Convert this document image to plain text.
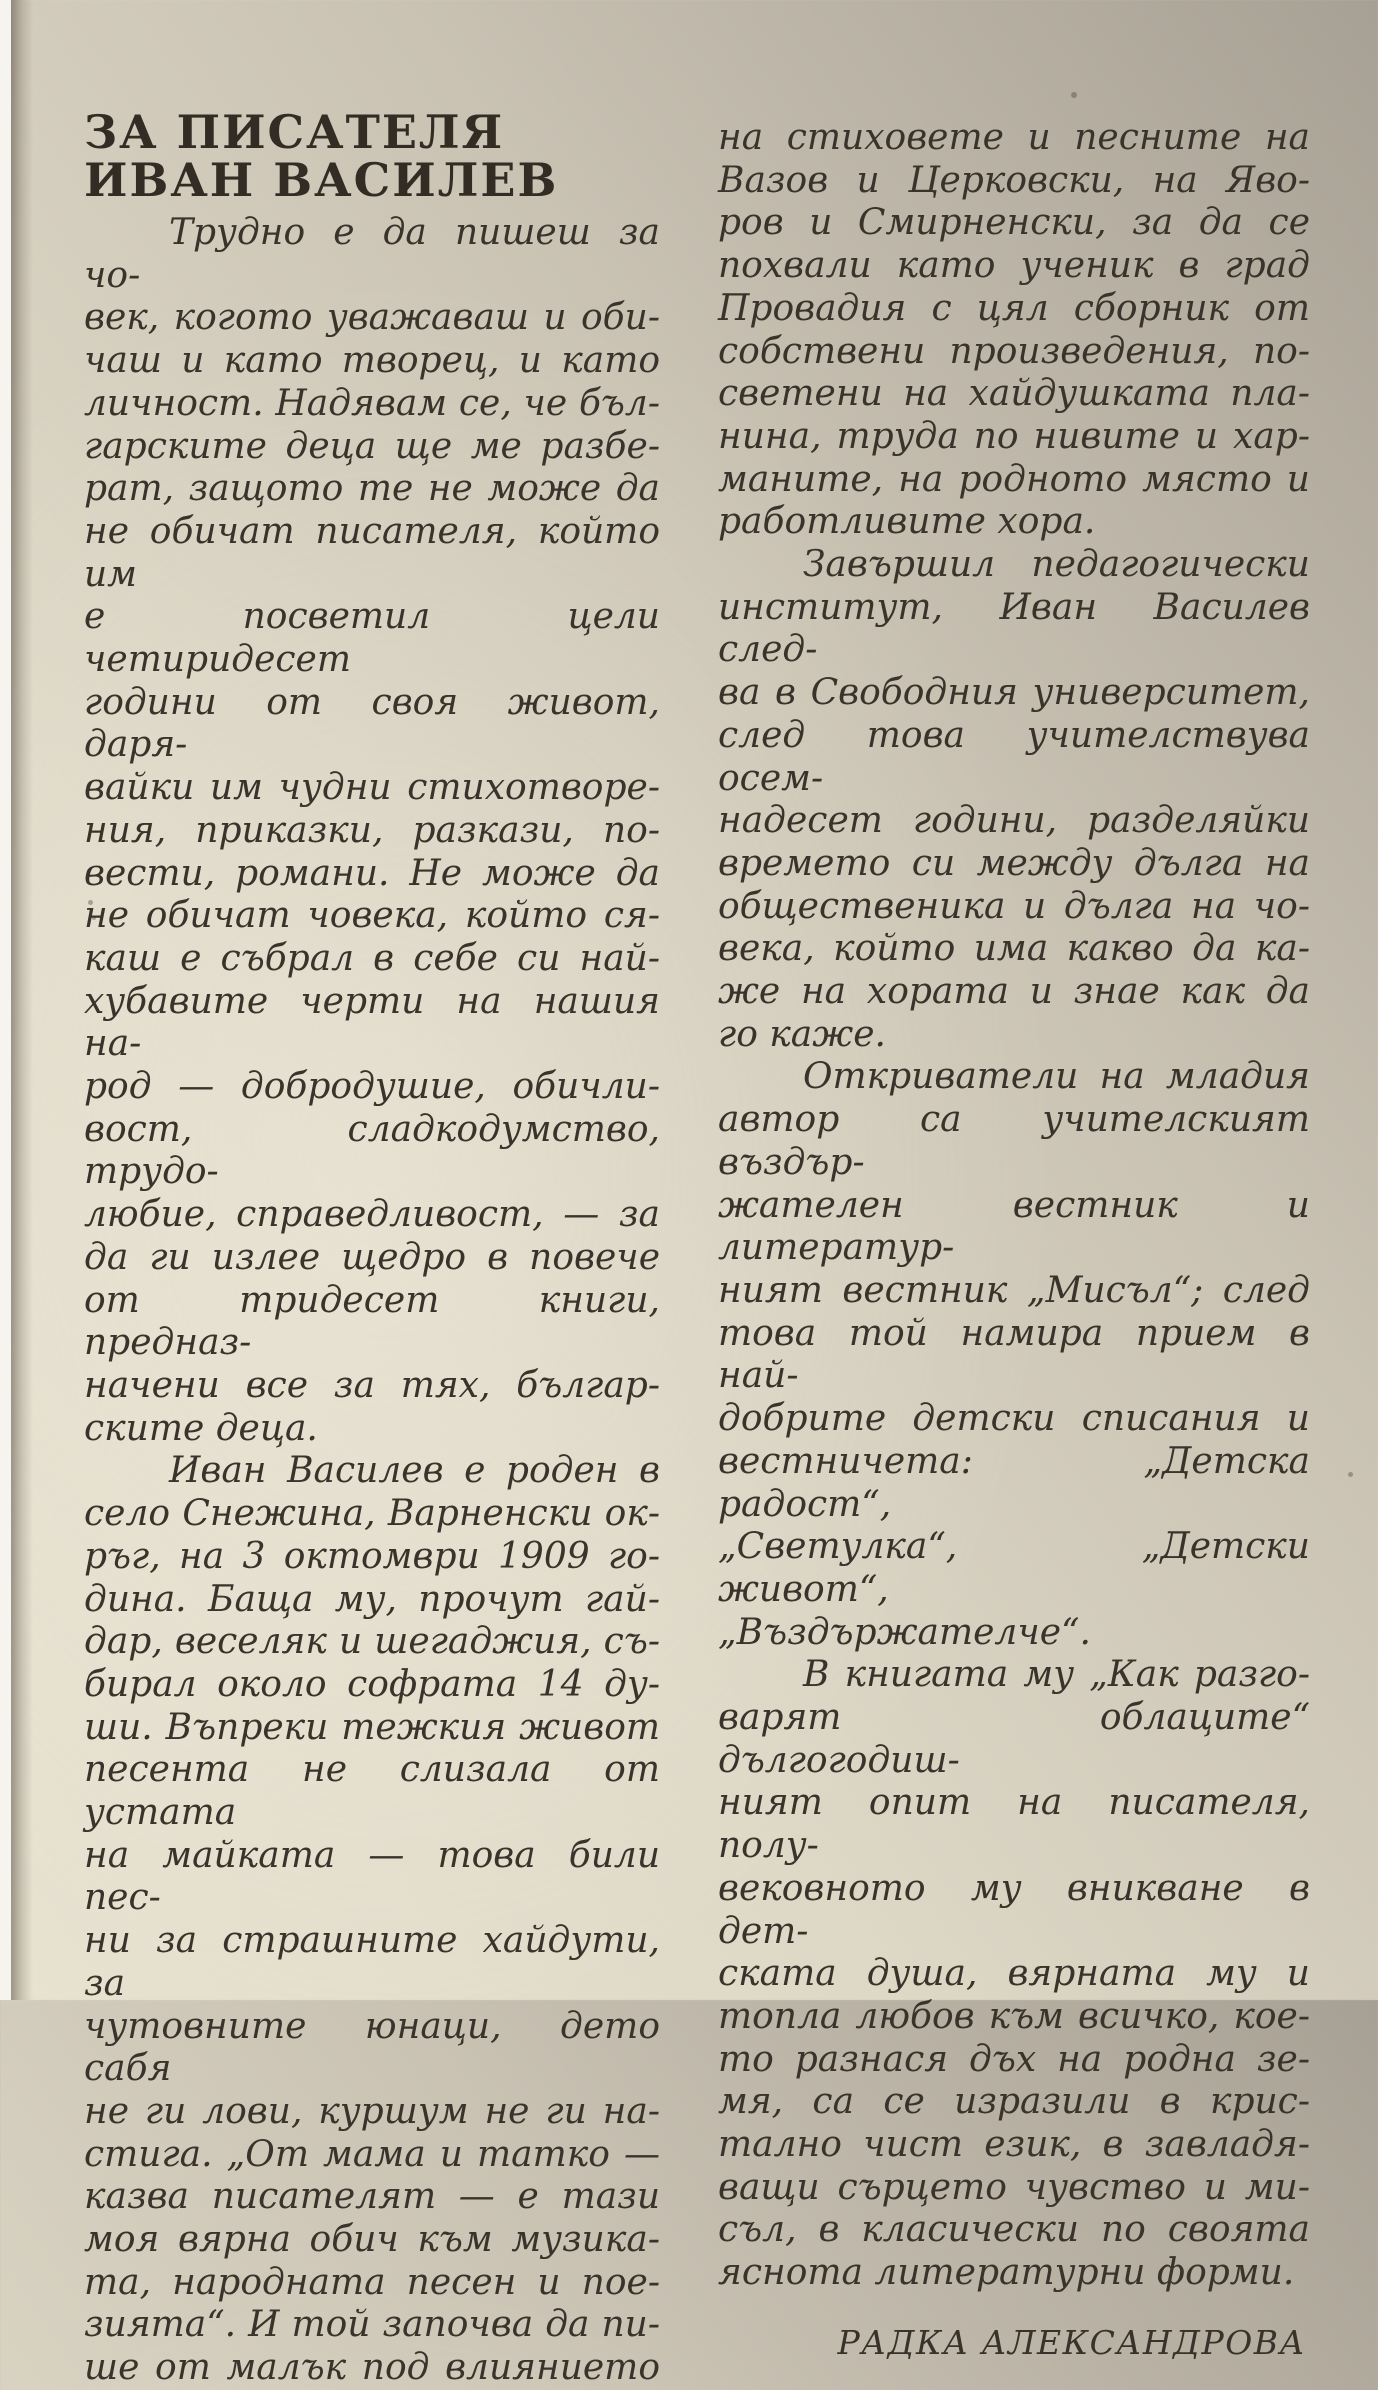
ЗА ПИСАТЕЛЯ
ИВАН ВАСИЛЕВ
Трудно е да пишеш за чо-
век, когото уважаваш и оби-
чаш и като творец, и като
личност. Надявам се, че бъл-
гарските деца ще ме разбе-
рат, защото те не може да
не обичат писателя, който им
е посветил цели четиридесет
години от своя живот, даря-
вайки им чудни стихотворе-
ния, приказки, разкази, по-
вести, романи. Не може да
не обичат човека, който ся-
каш е събрал в себе си най-
хубавите черти на нашия на-
род — добродушие, обичли-
вост, сладкодумство, трудо-
любие, справедливост, — за
да ги излее щедро в повече
от тридесет книги, предназ-
начени все за тях, българ-
ските деца.
Иван Василев е роден в
село Снежина, Варненски ок-
ръг, на 3 октомври 1909 го-
дина. Баща му, прочут гай-
дар, веселяк и шегаджия, съ-
бирал около софрата 14 ду-
ши. Въпреки тежкия живот
песента не слизала от устата
на майката — това били пес-
ни за страшните хайдути, за
чутовните юнаци, дето сабя
не ги лови, куршум не ги на-
стига. „От мама и татко —
казва писателят — е тази
моя вярна обич към музика-
та, народната песен и пое-
зията“. И той започва да пи-
ше от малък под влиянието
на стиховете и песните на
Вазов и Церковски, на Яво-
ров и Смирненски, за да се
похвали като ученик в град
Провадия с цял сборник от
собствени произведения, по-
светени на хайдушката пла-
нина, труда по нивите и хар-
маните, на родното място и
работливите хора.
Завършил педагогически
институт, Иван Василев след-
ва в Свободния университет,
след това учителствува осем-
надесет години, разделяйки
времето си между дълга на
общественика и дълга на чо-
века, който има какво да ка-
же на хората и знае как да
го каже.
Откриватели на младия
автор са учителският въздър-
жателен вестник и литератур-
ният вестник „Мисъл“; след
това той намира прием в най-
добрите детски списания и
вестничета: „Детска радост“,
„Светулка“, „Детски живот“,
„Въздържателче“.
В книгата му „Как разго-
варят облаците“ дългогодиш-
ният опит на писателя, полу-
вековното му вникване в дет-
ската душа, вярната му и
топла любов към всичко, кое-
то разнася дъх на родна зе-
мя, са се изразили в крис-
тално чист език, в завладя-
ващи сърцето чувство и ми-
съл, в класически по своята
яснота литературни форми.
РАДКА АЛЕКСАНДРОВА
